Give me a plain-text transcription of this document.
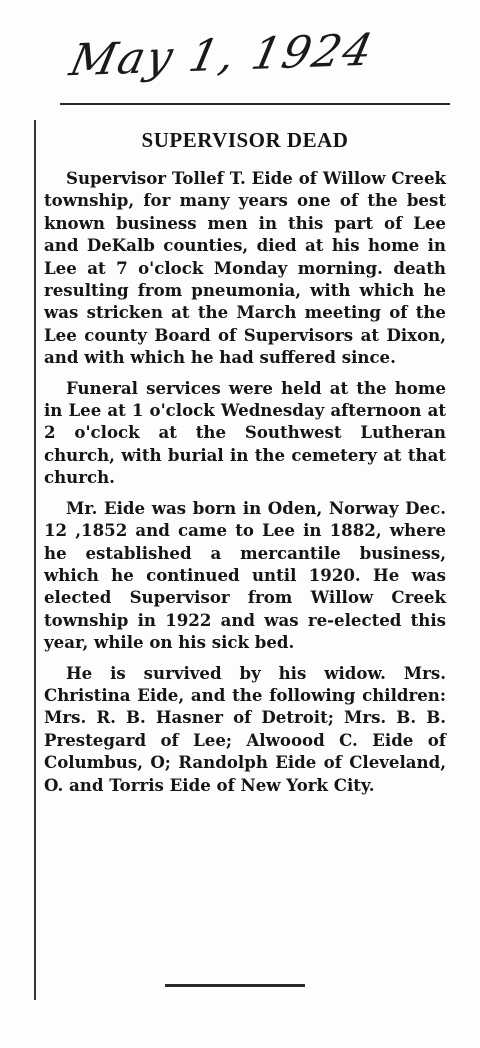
May 1, 1924
SUPERVISOR DEAD

Supervisor Tollef T. Eide of Willow Creek township, for many years one of the best known business men in this part of Lee and DeKalb counties, died at his home in Lee at 7 o'clock Monday morning. death resulting from pneumonia, with which he was stricken at the March meeting of the Lee county Board of Supervisors at Dixon, and with which he had suffered since.

Funeral services were held at the home in Lee at 1 o'clock Wednesday afternoon at 2 o'clock at the Southwest Lutheran church, with burial in the cemetery at that church.

Mr. Eide was born in Oden, Norway Dec. 12 ,1852 and came to Lee in 1882, where he established a mercantile business, which he continued until 1920. He was elected Supervisor from Willow Creek township in 1922 and was re-elected this year, while on his sick bed.

He is survived by his widow. Mrs. Christina Eide, and the following children: Mrs. R. B. Hasner of Detroit; Mrs. B. B. Prestegard of Lee; Alwoood C. Eide of Columbus, O; Randolph Eide of Cleveland, O. and Torris Eide of New York City.
